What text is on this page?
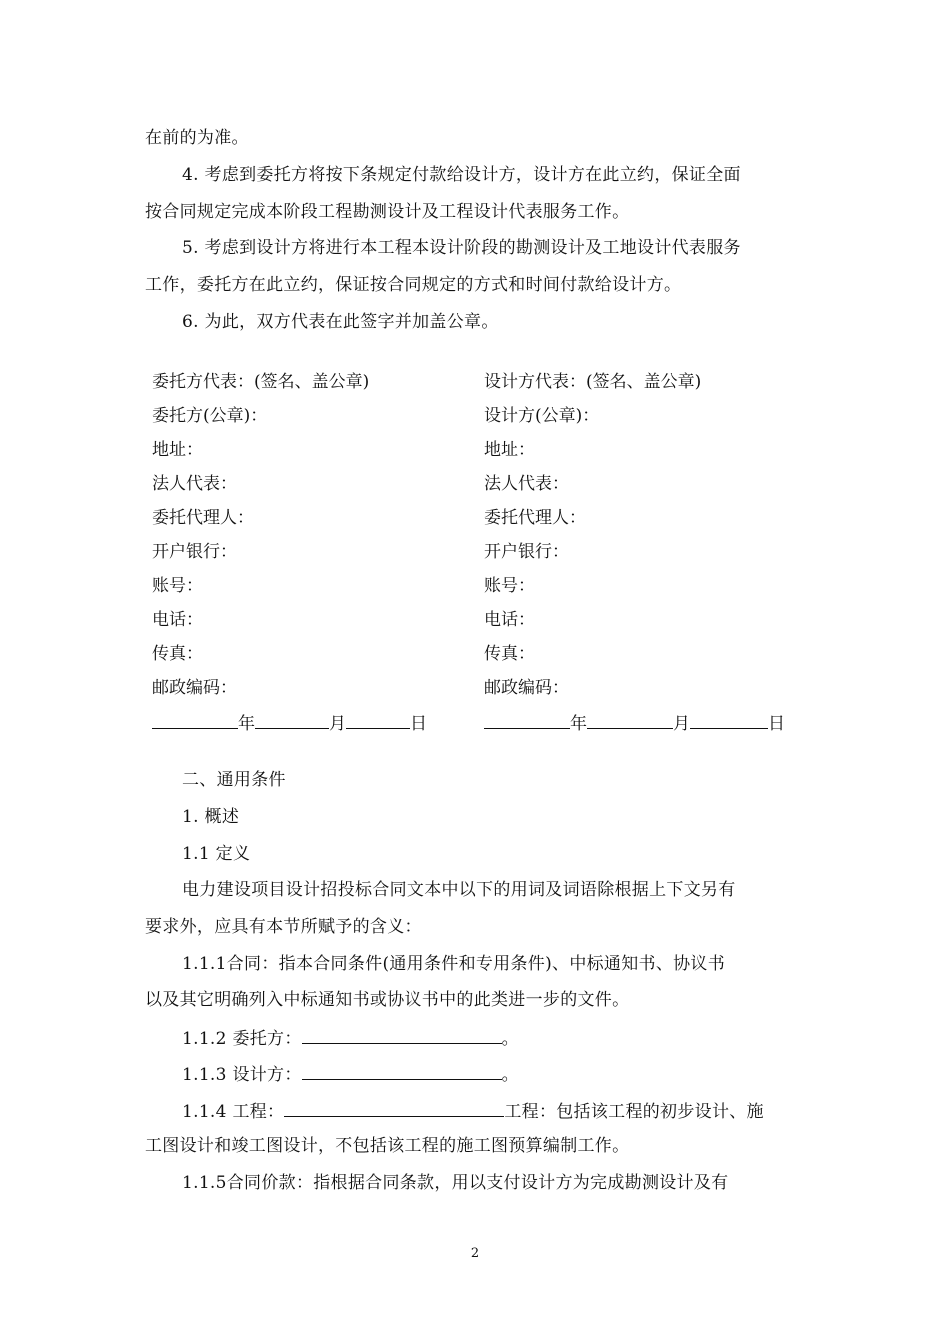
在前的为准。
4. 考虑到委托方将按下条规定付款给设计方，设计方在此立约，保证全面
按合同规定完成本阶段工程勘测设计及工程设计代表服务工作。
5. 考虑到设计方将进行本工程本设计阶段的勘测设计及工地设计代表服务
工作，委托方在此立约，保证按合同规定的方式和时间付款给设计方。
6. 为此，双方代表在此签字并加盖公章。
委托方代表：(签名、盖公章)	设计方代表：(签名、盖公章)
委托方(公章)：	设计方(公章)：
地址：	地址：
法人代表：	法人代表：
委托代理人：	委托代理人：
开户银行：	开户银行：
账号：	账号：
电话：	电话：
传真：	传真：
邮政编码：	邮政编码：
年	月	日	年	月	日
二、通用条件
1. 概述
1.1 定义
电力建设项目设计招投标合同文本中以下的用词及词语除根据上下文另有
要求外，应具有本节所赋予的含义：
1.1.1合同：指本合同条件(通用条件和专用条件)、中标通知书、协议书
以及其它明确列入中标通知书或协议书中的此类进一步的文件。
1.1.2 委托方：	。
1.1.3 设计方：	。
1.1.4 工程：	工程：包括该工程的初步设计、施
工图设计和竣工图设计，不包括该工程的施工图预算编制工作。
1.1.5合同价款：指根据合同条款，用以支付设计方为完成勘测设计及有
2
